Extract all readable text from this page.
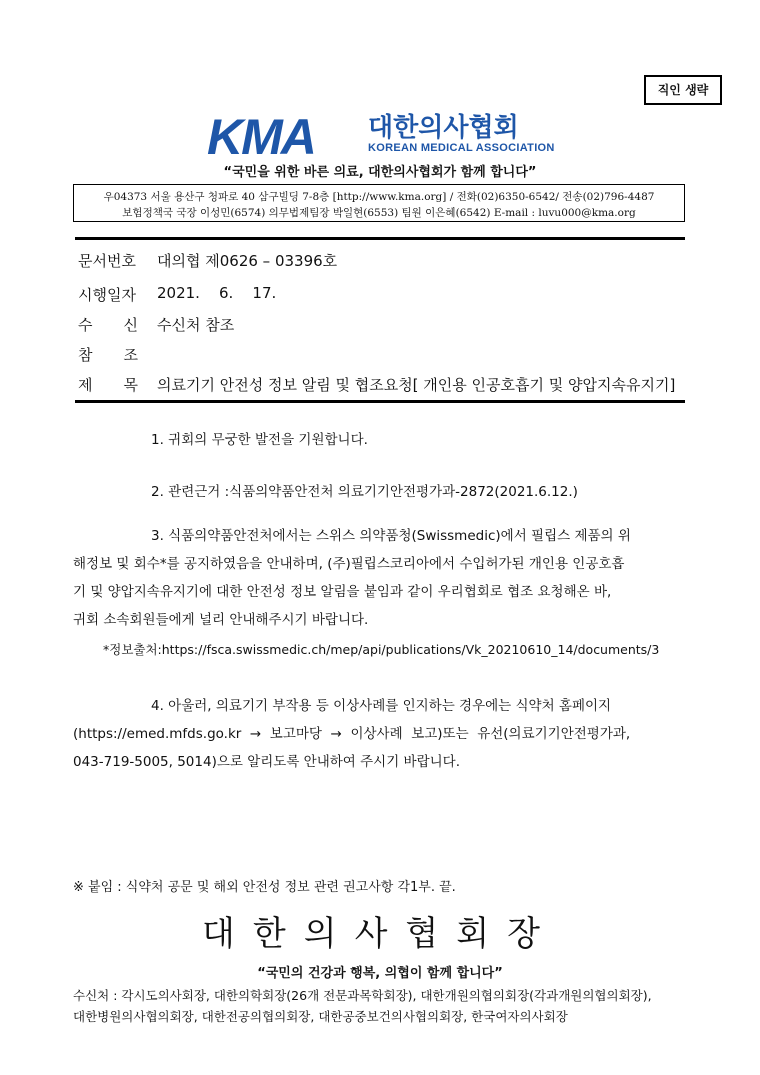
직인 생략
KMA 대한의사협회
KOREAN MEDICAL ASSOCIATION
“국민을 위한 바른 의료, 대한의사협회가 함께 합니다”
우04373 서울 용산구 청파로 40 삼구빌딩 7-8층 [http://www.kma.org] / 전화(02)6350-6542/ 전송(02)796-4487
보험정책국 국장 이성민(6574) 의무법제팀장 박일현(6553) 팀원 이은혜(6542) E-mail : luvu000@kma.org
문서번호	대의협 제0626 – 03396호
시행일자	2021.    6.    17.
수 신 수신처 참조
참 조
제 목 의료기기 안전성 정보 알림 및 협조요청[ 개인용 인공호흡기 및 양압지속유지기]
1. 귀회의 무궁한 발전을 기원합니다.
2. 관련근거 :식품의약품안전처 의료기기안전평가과-2872(2021.6.12.)
3. 식품의약품안전처에서는 스위스 의약품청(Swissmedic)에서 필립스 제품의 위
해정보 및 회수*를 공지하였음을 안내하며, (주)필립스코리아에서 수입허가된 개인용 인공호흡
기 및 양압지속유지기에 대한 안전성 정보 알림을 붙임과 같이 우리협회로 협조 요청해온 바,
귀회 소속회원들에게 널리 안내해주시기 바랍니다.
*정보출처:https://fsca.swissmedic.ch/mep/api/publications/Vk_20210610_14/documents/3
4. 아울러, 의료기기 부작용 등 이상사례를 인지하는 경우에는 식약처 홈페이지
(https://emed.mfds.go.kr  →  보고마당  →  이상사례  보고)또는  유선(의료기기안전평가과,
043-719-5005, 5014)으로 알리도록 안내하여 주시기 바랍니다.
※ 붙임 : 식약처 공문 및 해외 안전성 정보 관련 권고사항 각1부. 끝.
대한의사협회장
“국민의 건강과 행복, 의협이 함께 합니다”
수신처 : 각시도의사회장, 대한의학회장(26개 전문과목학회장), 대한개원의협의회장(각과개원의협의회장),
대한병원의사협의회장, 대한전공의협의회장, 대한공중보건의사협의회장, 한국여자의사회장
